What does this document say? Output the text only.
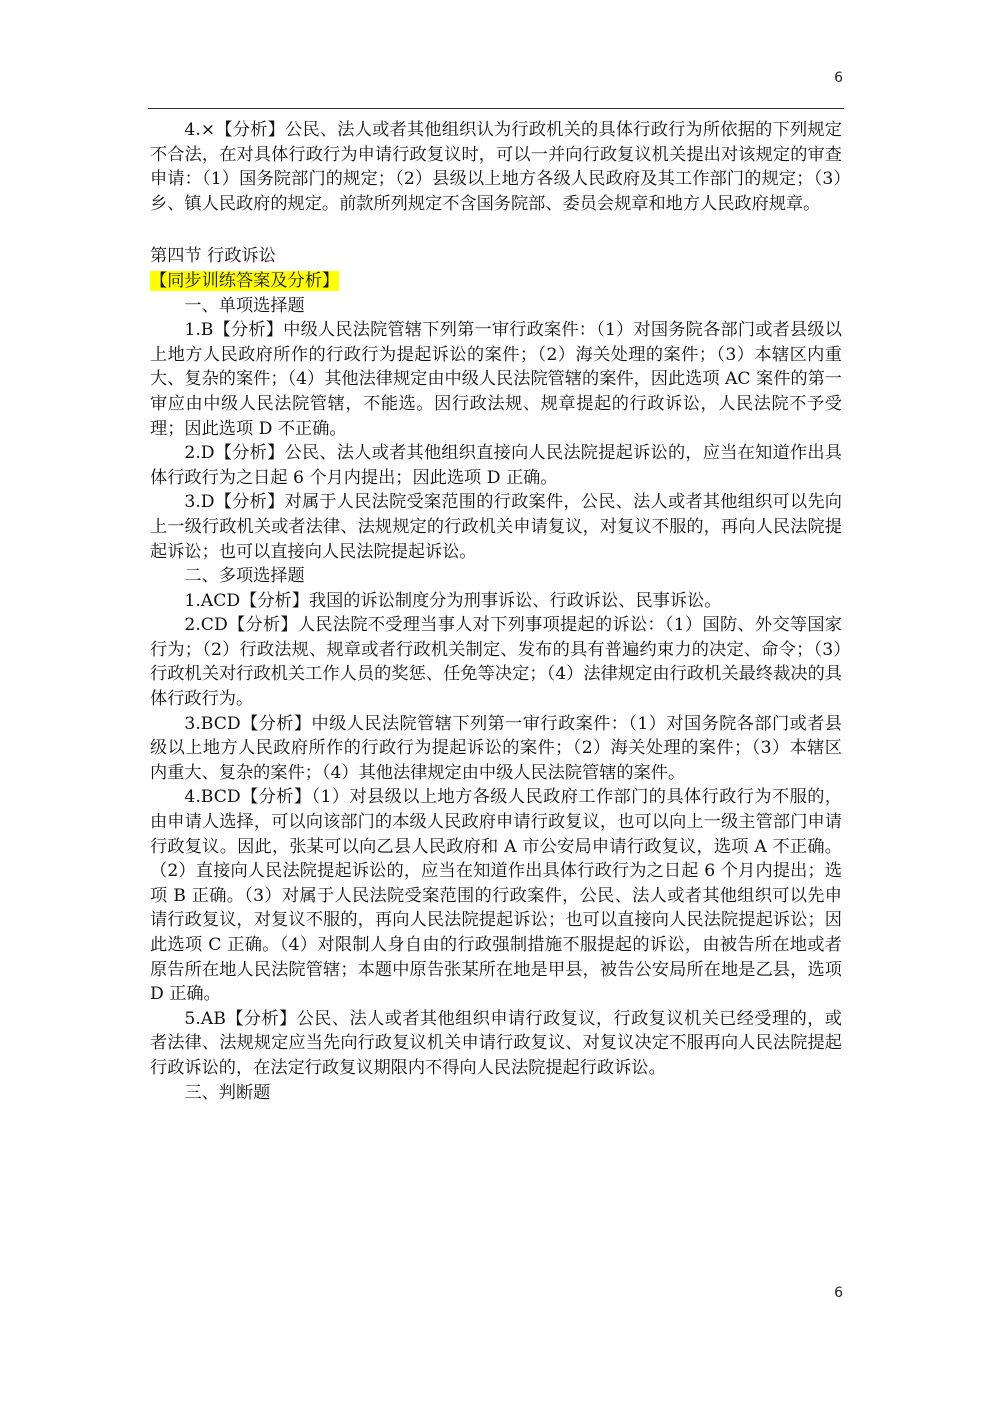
6

4.×【分析】公民、法人或者其他组织认为行政机关的具体行政行为所依据的下列规定不合法，在对具体行政行为申请行政复议时，可以一并向行政复议机关提出对该规定的审查申请：（1）国务院部门的规定；（2）县级以上地方各级人民政府及其工作部门的规定；（3）乡、镇人民政府的规定。前款所列规定不含国务院部、委员会规章和地方人民政府规章。

第四节 行政诉讼

【同步训练答案及分析】

一、单项选择题

1.B【分析】中级人民法院管辖下列第一审行政案件：（1）对国务院各部门或者县级以上地方人民政府所作的行政行为提起诉讼的案件；（2）海关处理的案件；（3）本辖区内重大、复杂的案件；（4）其他法律规定由中级人民法院管辖的案件，因此选项 AC 案件的第一审应由中级人民法院管辖，不能选。因行政法规、规章提起的行政诉讼，人民法院不予受理；因此选项 D 不正确。

2.D【分析】公民、法人或者其他组织直接向人民法院提起诉讼的，应当在知道作出具体行政行为之日起 6 个月内提出；因此选项 D 正确。

3.D【分析】对属于人民法院受案范围的行政案件，公民、法人或者其他组织可以先向上一级行政机关或者法律、法规规定的行政机关申请复议，对复议不服的，再向人民法院提起诉讼；也可以直接向人民法院提起诉讼。

二、多项选择题

1.ACD【分析】我国的诉讼制度分为刑事诉讼、行政诉讼、民事诉讼。

2.CD【分析】人民法院不受理当事人对下列事项提起的诉讼：（1）国防、外交等国家行为；（2）行政法规、规章或者行政机关制定、发布的具有普遍约束力的决定、命令；（3）行政机关对行政机关工作人员的奖惩、任免等决定；（4）法律规定由行政机关最终裁决的具体行政行为。

3.BCD【分析】中级人民法院管辖下列第一审行政案件：（1）对国务院各部门或者县级以上地方人民政府所作的行政行为提起诉讼的案件；（2）海关处理的案件；（3）本辖区内重大、复杂的案件；（4）其他法律规定由中级人民法院管辖的案件。

4.BCD【分析】（1）对县级以上地方各级人民政府工作部门的具体行政行为不服的，由申请人选择，可以向该部门的本级人民政府申请行政复议，也可以向上一级主管部门申请行政复议。因此，张某可以向乙县人民政府和 A 市公安局申请行政复议，选项 A 不正确。（2）直接向人民法院提起诉讼的，应当在知道作出具体行政行为之日起 6 个月内提出；选项 B 正确。（3）对属于人民法院受案范围的行政案件，公民、法人或者其他组织可以先申请行政复议，对复议不服的，再向人民法院提起诉讼；也可以直接向人民法院提起诉讼；因此选项 C 正确。（4）对限制人身自由的行政强制措施不服提起的诉讼，由被告所在地或者原告所在地人民法院管辖；本题中原告张某所在地是甲县，被告公安局所在地是乙县，选项 D 正确。

5.AB【分析】公民、法人或者其他组织申请行政复议，行政复议机关已经受理的，或者法律、法规规定应当先向行政复议机关申请行政复议、对复议决定不服再向人民法院提起行政诉讼的，在法定行政复议期限内不得向人民法院提起行政诉讼。

三、判断题

6
